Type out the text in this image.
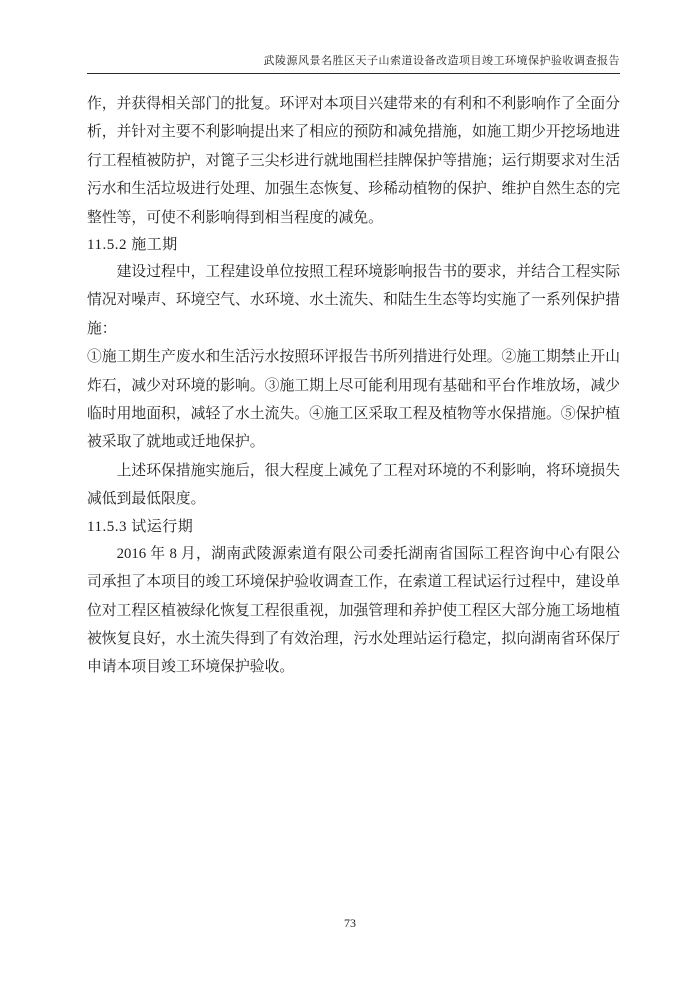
武陵源风景名胜区天子山索道设备改造项目竣工环境保护验收调查报告

作，并获得相关部门的批复。环评对本项目兴建带来的有利和不利影响作了全面分析，并针对主要不利影响提出来了相应的预防和减免措施，如施工期少开挖场地进行工程植被防护，对篦子三尖杉进行就地围栏挂牌保护等措施；运行期要求对生活污水和生活垃圾进行处理、加强生态恢复、珍稀动植物的保护、维护自然生态的完整性等，可使不利影响得到相当程度的减免。

11.5.2 施工期

建设过程中，工程建设单位按照工程环境影响报告书的要求，并结合工程实际情况对噪声、环境空气、水环境、水土流失、和陆生生态等均实施了一系列保护措施：

①施工期生产废水和生活污水按照环评报告书所列措进行处理。②施工期禁止开山炸石，减少对环境的影响。③施工期上尽可能利用现有基础和平台作堆放场，减少临时用地面积，减轻了水土流失。④施工区采取工程及植物等水保措施。⑤保护植被采取了就地或迁地保护。

上述环保措施实施后，很大程度上减免了工程对环境的不利影响，将环境损失减低到最低限度。

11.5.3 试运行期

2016 年 8 月，湖南武陵源索道有限公司委托湖南省国际工程咨询中心有限公司承担了本项目的竣工环境保护验收调查工作，在索道工程试运行过程中，建设单位对工程区植被绿化恢复工程很重视，加强管理和养护使工程区大部分施工场地植被恢复良好，水土流失得到了有效治理，污水处理站运行稳定，拟向湖南省环保厅申请本项目竣工环境保护验收。

73
